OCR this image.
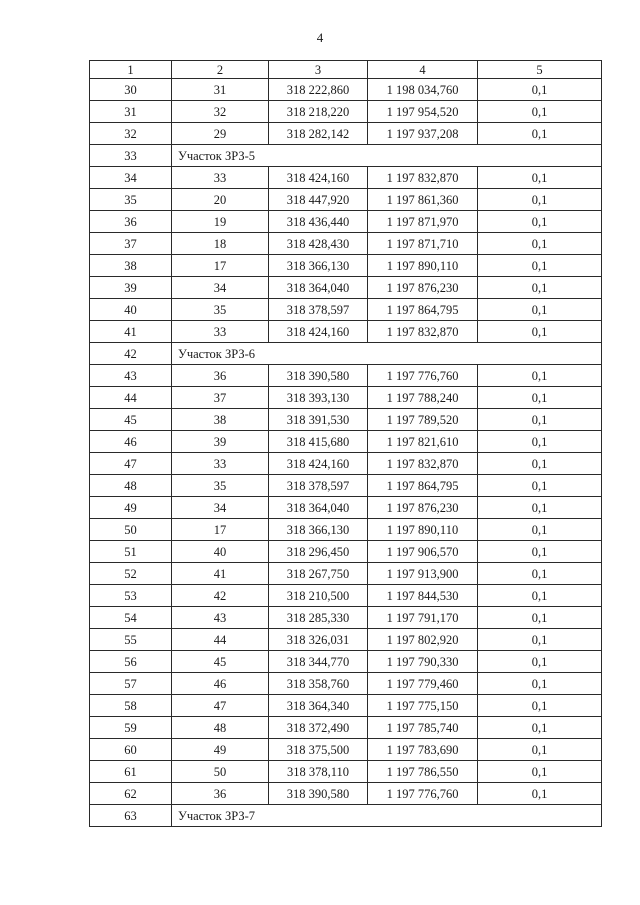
4
1	2	3	4	5
30	31	318 222,860	1 198 034,760	0,1
31	32	318 218,220	1 197 954,520	0,1
32	29	318 282,142	1 197 937,208	0,1
33	Участок ЗРЗ-5			
34	33	318 424,160	1 197 832,870	0,1
35	20	318 447,920	1 197 861,360	0,1
36	19	318 436,440	1 197 871,970	0,1
37	18	318 428,430	1 197 871,710	0,1
38	17	318 366,130	1 197 890,110	0,1
39	34	318 364,040	1 197 876,230	0,1
40	35	318 378,597	1 197 864,795	0,1
41	33	318 424,160	1 197 832,870	0,1
42	Участок ЗРЗ-6			
43	36	318 390,580	1 197 776,760	0,1
44	37	318 393,130	1 197 788,240	0,1
45	38	318 391,530	1 197 789,520	0,1
46	39	318 415,680	1 197 821,610	0,1
47	33	318 424,160	1 197 832,870	0,1
48	35	318 378,597	1 197 864,795	0,1
49	34	318 364,040	1 197 876,230	0,1
50	17	318 366,130	1 197 890,110	0,1
51	40	318 296,450	1 197 906,570	0,1
52	41	318 267,750	1 197 913,900	0,1
53	42	318 210,500	1 197 844,530	0,1
54	43	318 285,330	1 197 791,170	0,1
55	44	318 326,031	1 197 802,920	0,1
56	45	318 344,770	1 197 790,330	0,1
57	46	318 358,760	1 197 779,460	0,1
58	47	318 364,340	1 197 775,150	0,1
59	48	318 372,490	1 197 785,740	0,1
60	49	318 375,500	1 197 783,690	0,1
61	50	318 378,110	1 197 786,550	0,1
62	36	318 390,580	1 197 776,760	0,1
63	Участок ЗРЗ-7			
